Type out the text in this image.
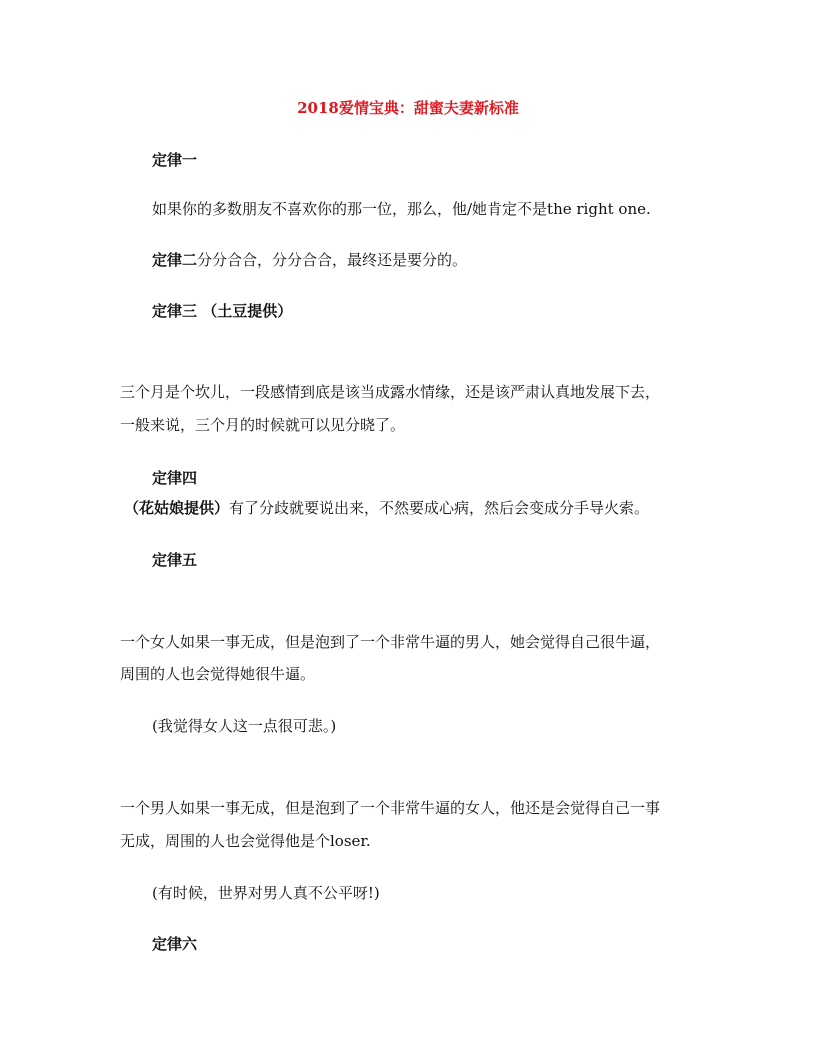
2018爱情宝典：甜蜜夫妻新标准
定律一
如果你的多数朋友不喜欢你的那一位，那么，他/她肯定不是the right one.
定律二分分合合，分分合合，最终还是要分的。
定律三 （土豆提供）
三个月是个坎儿，一段感情到底是该当成露水情缘，还是该严肃认真地发展下去，
一般来说，三个月的时候就可以见分晓了。
定律四
（花姑娘提供）有了分歧就要说出来，不然要成心病，然后会变成分手导火索。
定律五
一个女人如果一事无成，但是泡到了一个非常牛逼的男人，她会觉得自己很牛逼，
周围的人也会觉得她很牛逼。
(我觉得女人这一点很可悲。)
一个男人如果一事无成，但是泡到了一个非常牛逼的女人，他还是会觉得自己一事
无成，周围的人也会觉得他是个loser.
(有时候，世界对男人真不公平呀!)
定律六
